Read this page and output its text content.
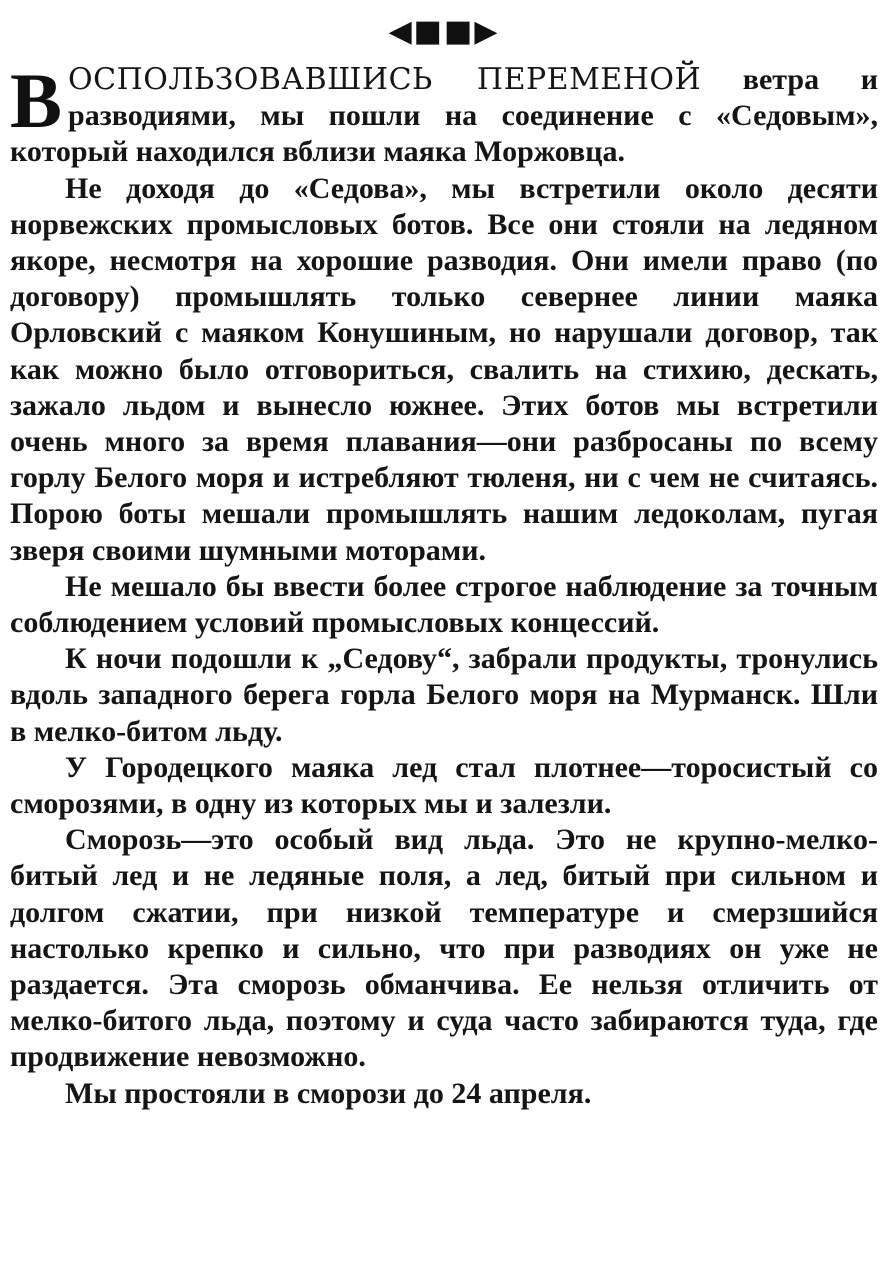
◀■■▶

ВОСПОЛЬЗОВАВШИСЬ ПЕРЕМЕНОЙ ветра и разводиями, мы пошли на соединение с «Седовым», который находился вблизи маяка Моржовца.

Не доходя до «Седова», мы встретили около десяти норвежских промысловых ботов. Все они стояли на ледяном якоре, несмотря на хорошие разводия. Они имели право (по договору) промышлять только севернее линии маяка Орловский с маяком Конушиным, но нарушали договор, так как можно было отговориться, свалить на стихию, дескать, зажало льдом и вынесло южнее. Этих ботов мы встретили очень много за время плавания—они разбросаны по всему горлу Белого моря и истребляют тюленя, ни с чем не считаясь. Порою боты мешали промышлять нашим ледоколам, пугая зверя своими шумными моторами.

Не мешало бы ввести более строгое наблюдение за точным соблюдением условий промысловых концессий.

К ночи подошли к „Седову“, забрали продукты, тронулись вдоль западного берега горла Белого моря на Мурманск. Шли в мелко-битом льду.

У Городецкого маяка лед стал плотнее—торосистый со сморозями, в одну из которых мы и залезли.

Сморозь—это особый вид льда. Это не крупно-мелко-битый лед и не ледяные поля, а лед, битый при сильном и долгом сжатии, при низкой температуре и смерзшийся настолько крепко и сильно, что при разводиях он уже не раздается. Эта сморозь обманчива. Ее нельзя отличить от мелко-битого льда, поэтому и суда часто забираются туда, где продвижение невозможно.

Мы простояли в сморози до 24 апреля.
